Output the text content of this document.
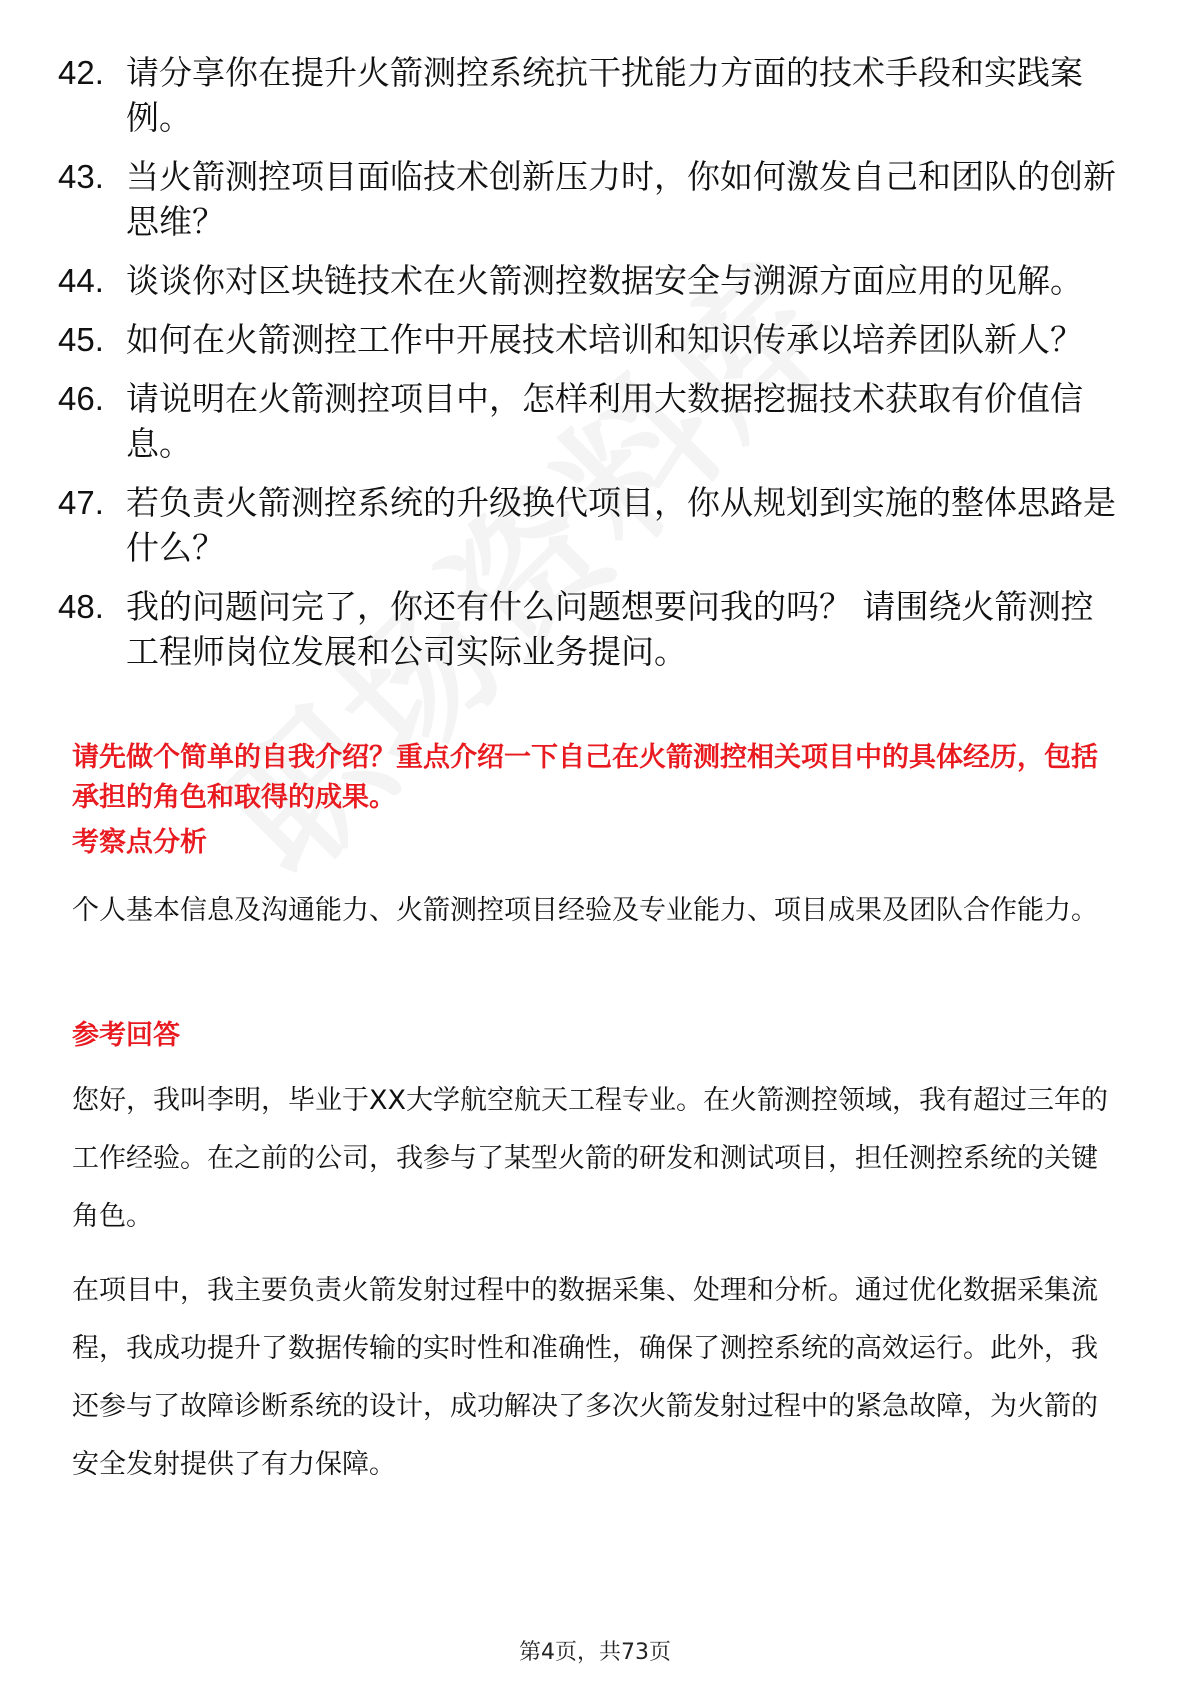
42. 请分享你在提升火箭测控系统抗干扰能力方面的技术手段和实践案例。
43. 当火箭测控项目面临技术创新压力时，你如何激发自己和团队的创新思维？
44. 谈谈你对区块链技术在火箭测控数据安全与溯源方面应用的见解。
45. 如何在火箭测控工作中开展技术培训和知识传承以培养团队新人？
46. 请说明在火箭测控项目中，怎样利用大数据挖掘技术获取有价值信息。
47. 若负责火箭测控系统的升级换代项目，你从规划到实施的整体思路是什么？
48. 我的问题问完了，你还有什么问题想要问我的吗？ 请围绕火箭测控工程师岗位发展和公司实际业务提问。
请先做个简单的自我介绍？重点介绍一下自己在火箭测控相关项目中的具体经历，包括承担的角色和取得的成果。
考察点分析
个人基本信息及沟通能力、火箭测控项目经验及专业能力、项目成果及团队合作能力。
参考回答
您好，我叫李明，毕业于XX大学航空航天工程专业。在火箭测控领域，我有超过三年的工作经验。在之前的公司，我参与了某型火箭的研发和测试项目，担任测控系统的关键角色。
在项目中，我主要负责火箭发射过程中的数据采集、处理和分析。通过优化数据采集流程，我成功提升了数据传输的实时性和准确性，确保了测控系统的高效运行。此外，我还参与了故障诊断系统的设计，成功解决了多次火箭发射过程中的紧急故障，为火箭的安全发射提供了有力保障。
第4页，共73页
